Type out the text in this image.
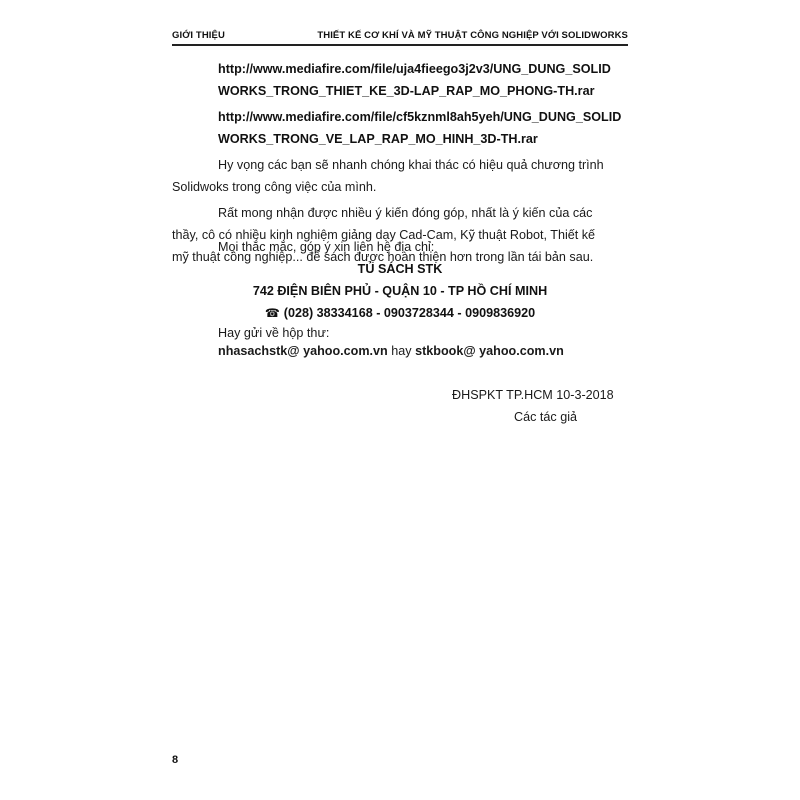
GIỚI THIỆU	THIẾT KẾ CƠ KHÍ VÀ MỸ THUẬT CÔNG NGHIỆP VỚI SOLIDWORKS
http://www.mediafire.com/file/uja4fieego3j2v3/UNG_DUNG_SOLID
WORKS_TRONG_THIET_KE_3D-LAP_RAP_MO_PHONG-TH.rar
http://www.mediafire.com/file/cf5kznml8ah5yeh/UNG_DUNG_SOLID
WORKS_TRONG_VE_LAP_RAP_MO_HINH_3D-TH.rar
Hy vọng các bạn sẽ nhanh chóng khai thác có hiệu quả chương trình
Solidwoks trong công việc của mình.
Rất mong nhận được nhiều ý kiến đóng góp, nhất là ý kiến của các
thầy, cô có nhiều kinh nghiệm giảng dạy Cad-Cam, Kỹ thuật Robot, Thiết kế
mỹ thuật công nghiệp... để sách được hoàn thiện hơn trong lần tái bản sau.
Mọi thắc mắc, góp ý xin liên hệ địa chỉ:
TỦ SÁCH STK
742 ĐIỆN BIÊN PHỦ - QUẬN 10 - TP HỒ CHÍ MINH
☎ (028) 38334168 - 0903728344 - 0909836920
Hay gửi về hộp thư:
nhasachstk@ yahoo.com.vn hay stkbook@ yahoo.com.vn
ĐHSPKT TP.HCM 10-3-2018
Các tác giả
8
